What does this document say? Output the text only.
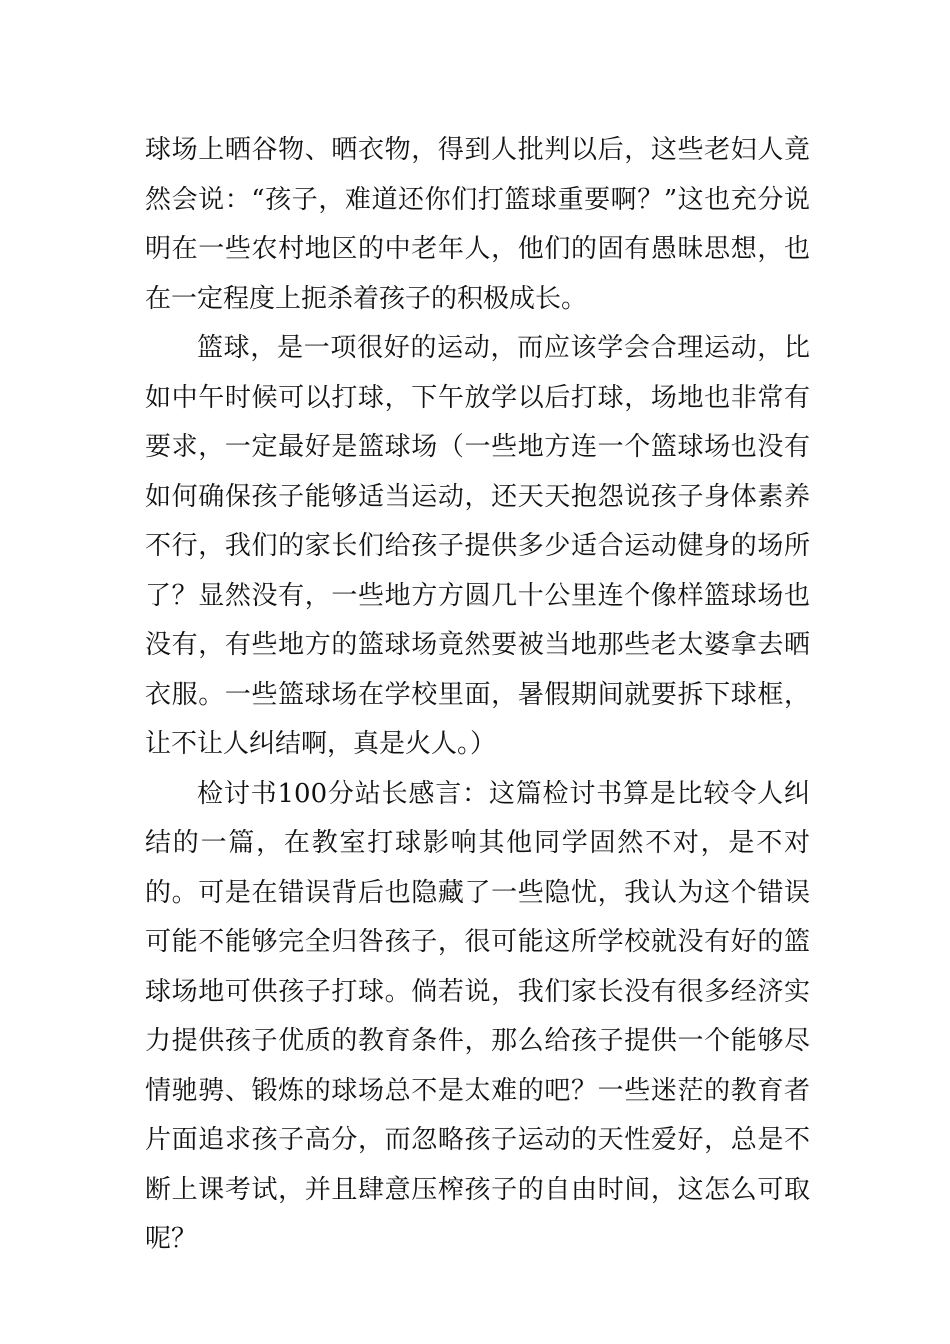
球场上晒谷物、晒衣物，得到人批判以后，这些老妇人竟然会说：“孩子，难道还你们打篮球重要啊？”这也充分说明在一些农村地区的中老年人，他们的固有愚昧思想，也在一定程度上扼杀着孩子的积极成长。

篮球，是一项很好的运动，而应该学会合理运动，比如中午时候可以打球，下午放学以后打球，场地也非常有要求，一定最好是篮球场（一些地方连一个篮球场也没有如何确保孩子能够适当运动，还天天抱怨说孩子身体素养不行，我们的家长们给孩子提供多少适合运动健身的场所了？显然没有，一些地方方圆几十公里连个像样篮球场也没有，有些地方的篮球场竟然要被当地那些老太婆拿去晒衣服。一些篮球场在学校里面，暑假期间就要拆下球框，让不让人纠结啊，真是火人。）

检讨书100分站长感言：这篇检讨书算是比较令人纠结的一篇，在教室打球影响其他同学固然不对，是不对的。可是在错误背后也隐藏了一些隐忧，我认为这个错误可能不能够完全归咎孩子，很可能这所学校就没有好的篮球场地可供孩子打球。倘若说，我们家长没有很多经济实力提供孩子优质的教育条件，那么给孩子提供一个能够尽情驰骋、锻炼的球场总不是太难的吧？一些迷茫的教育者片面追求孩子高分，而忽略孩子运动的天性爱好，总是不断上课考试，并且肆意压榨孩子的自由时间，这怎么可取呢？
